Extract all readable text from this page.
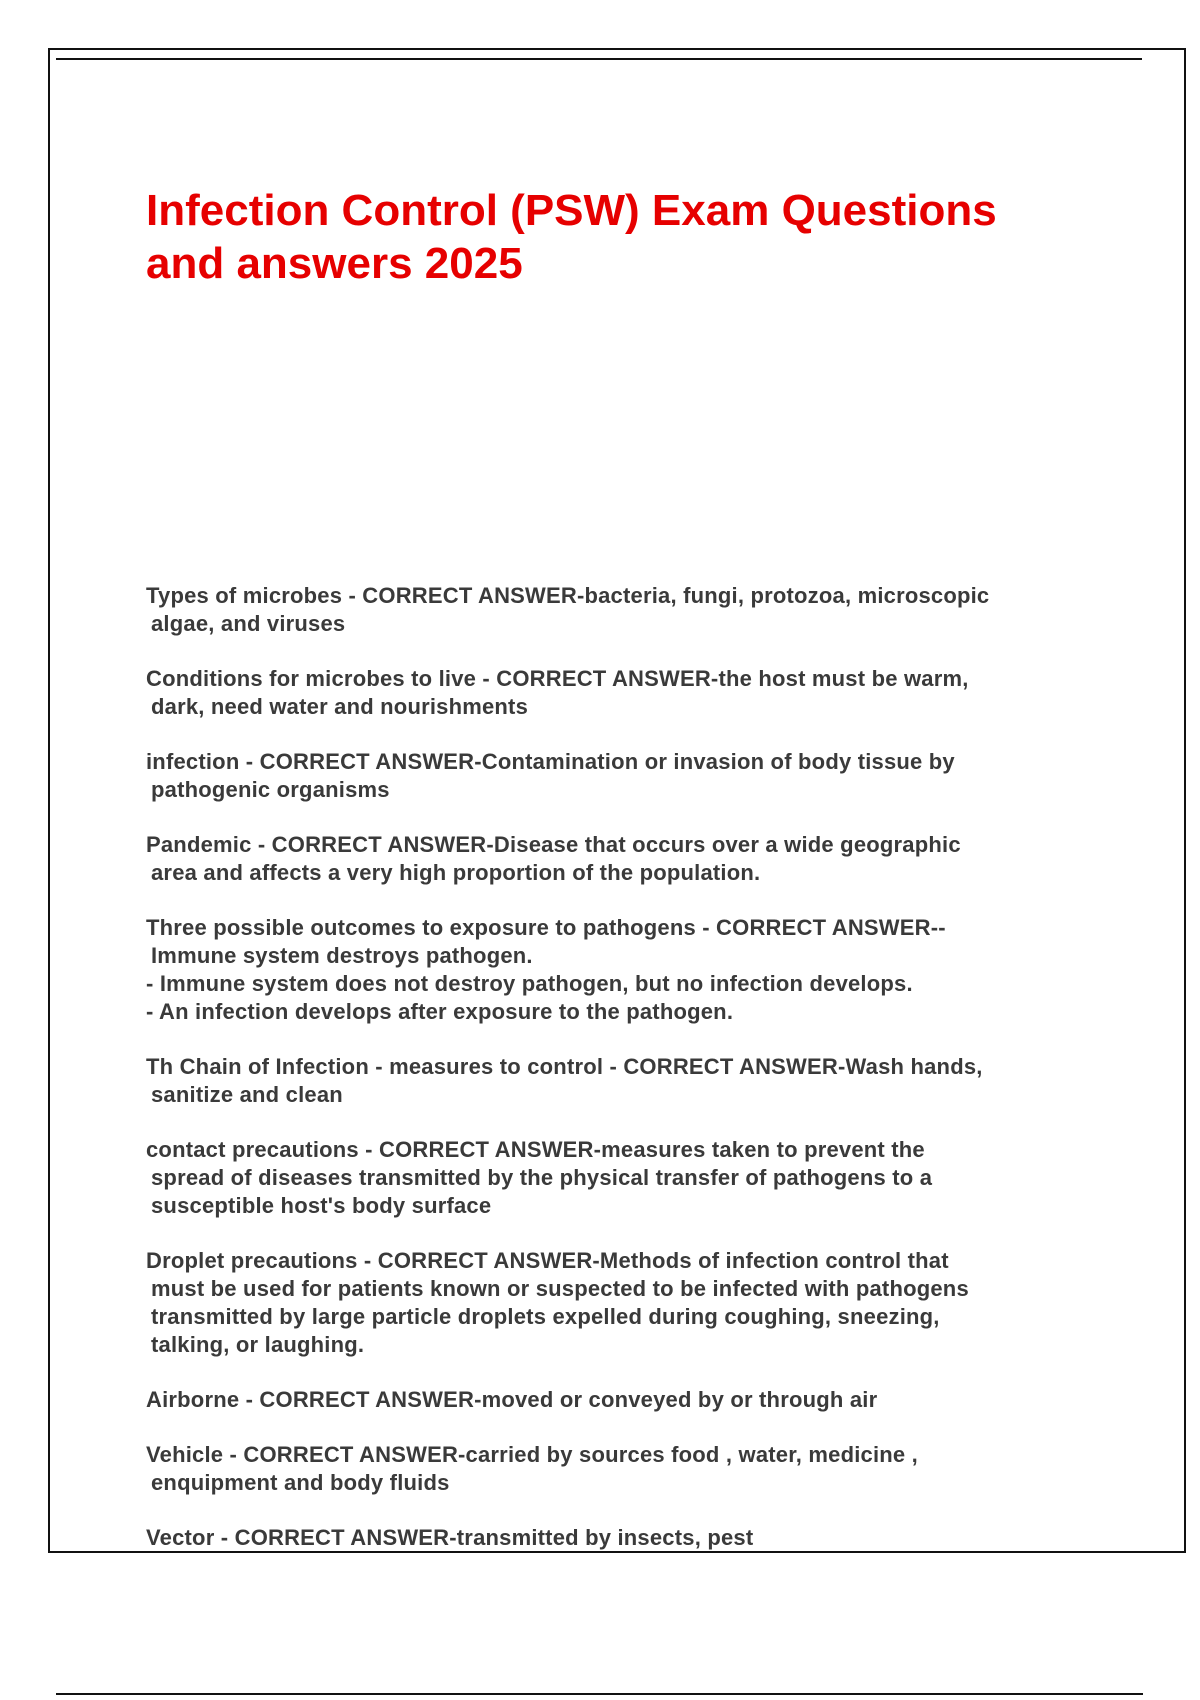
Infection Control (PSW) Exam Questions
and answers 2025
Types of microbes - CORRECT ANSWER-bacteria, fungi, protozoa, microscopic
algae, and viruses
Conditions for microbes to live - CORRECT ANSWER-the host must be warm,
dark, need water and nourishments
infection - CORRECT ANSWER-Contamination or invasion of body tissue by
pathogenic organisms
Pandemic - CORRECT ANSWER-Disease that occurs over a wide geographic
area and affects a very high proportion of the population.
Three possible outcomes to exposure to pathogens - CORRECT ANSWER--
Immune system destroys pathogen.
- Immune system does not destroy pathogen, but no infection develops.
- An infection develops after exposure to the pathogen.
Th Chain of Infection - measures to control - CORRECT ANSWER-Wash hands,
sanitize and clean
contact precautions - CORRECT ANSWER-measures taken to prevent the
spread of diseases transmitted by the physical transfer of pathogens to a
susceptible host's body surface
Droplet precautions - CORRECT ANSWER-Methods of infection control that
must be used for patients known or suspected to be infected with pathogens
transmitted by large particle droplets expelled during coughing, sneezing,
talking, or laughing.
Airborne - CORRECT ANSWER-moved or conveyed by or through air
Vehicle - CORRECT ANSWER-carried by sources food , water, medicine ,
enquipment and body fluids
Vector - CORRECT ANSWER-transmitted by insects, pest
